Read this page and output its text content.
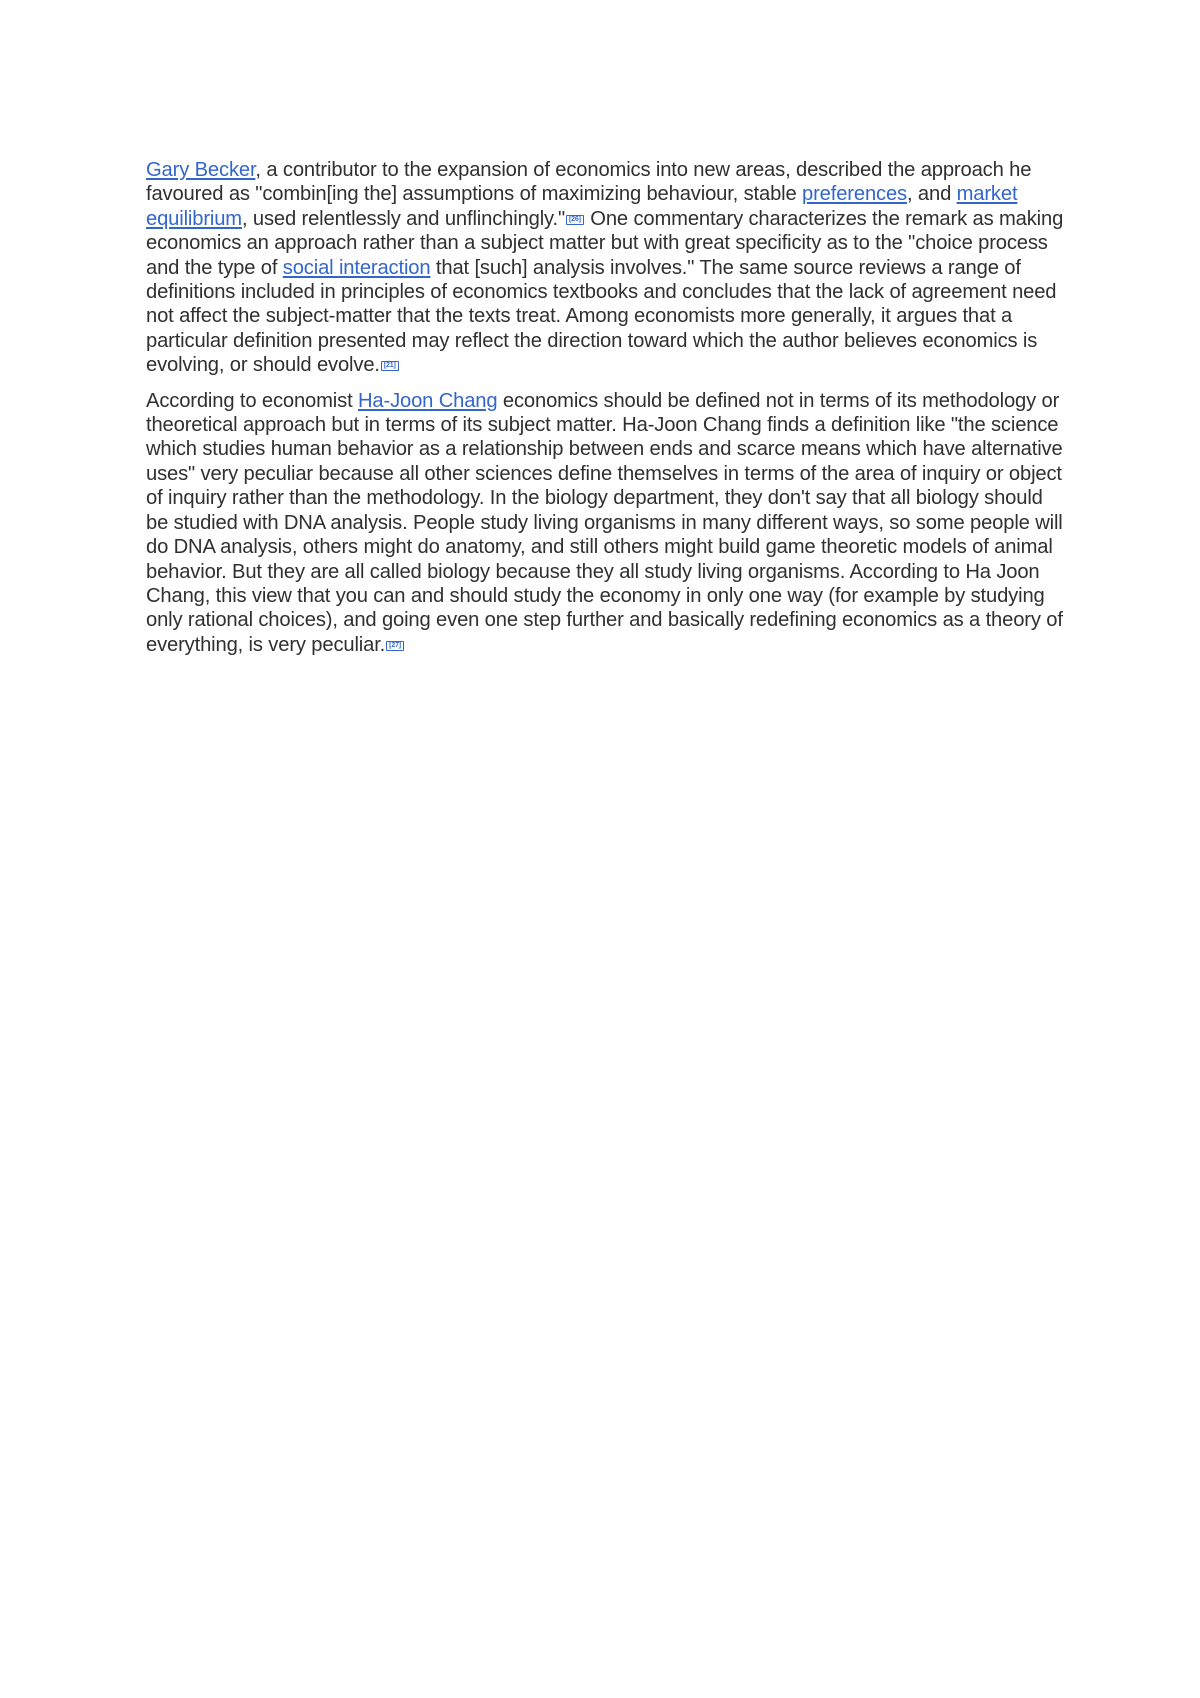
Gary Becker, a contributor to the expansion of economics into new areas, described the approach he favoured as "combin[ing the] assumptions of maximizing behaviour, stable preferences, and market equilibrium, used relentlessly and unflinchingly." [26] One commentary characterizes the remark as making economics an approach rather than a subject matter but with great specificity as to the "choice process and the type of social interaction that [such] analysis involves." The same source reviews a range of definitions included in principles of economics textbooks and concludes that the lack of agreement need not affect the subject-matter that the texts treat. Among economists more generally, it argues that a particular definition presented may reflect the direction toward which the author believes economics is evolving, or should evolve. [21]

According to economist Ha-Joon Chang economics should be defined not in terms of its methodology or theoretical approach but in terms of its subject matter. Ha-Joon Chang finds a definition like "the science which studies human behavior as a relationship between ends and scarce means which have alternative uses" very peculiar because all other sciences define themselves in terms of the area of inquiry or object of inquiry rather than the methodology. In the biology department, they don't say that all biology should be studied with DNA analysis. People study living organisms in many different ways, so some people will do DNA analysis, others might do anatomy, and still others might build game theoretic models of animal behavior. But they are all called biology because they all study living organisms. According to Ha Joon Chang, this view that you can and should study the economy in only one way (for example by studying only rational choices), and going even one step further and basically redefining economics as a theory of everything, is very peculiar. [27]
